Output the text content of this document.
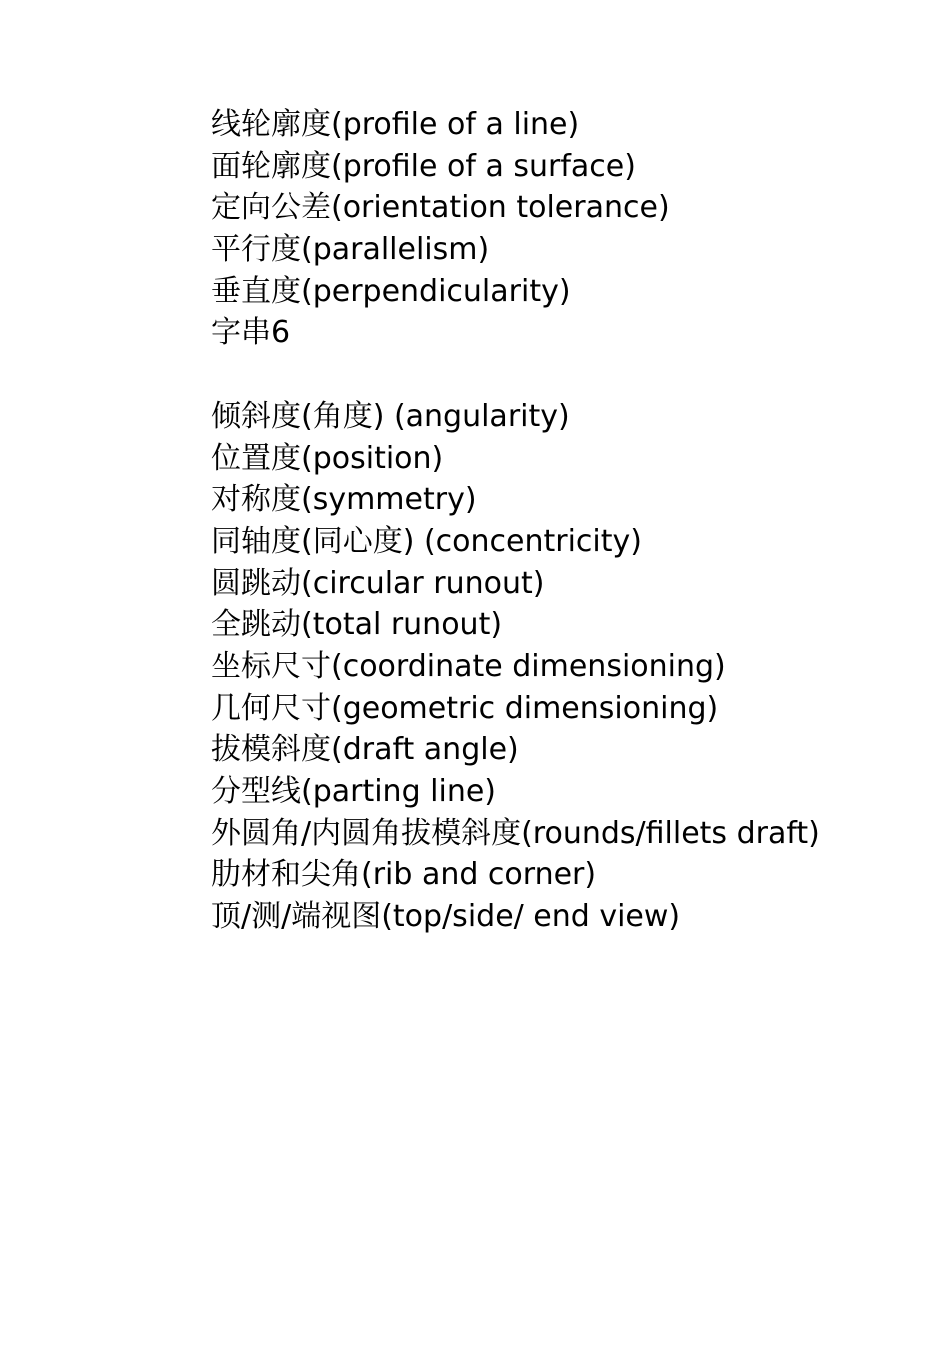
线轮廓度(profile of a line)
面轮廓度(profile of a surface)
定向公差(orientation tolerance)
平行度(parallelism)
垂直度(perpendicularity)
字串6
倾斜度(角度) (angularity)
位置度(position)
对称度(symmetry)
同轴度(同心度) (concentricity)
圆跳动(circular runout)
全跳动(total runout)
坐标尺寸(coordinate dimensioning)
几何尺寸(geometric dimensioning)
拔模斜度(draft angle)
分型线(parting line)
外圆角/内圆角拔模斜度(rounds/fillets draft)
肋材和尖角(rib and corner)
顶/测/端视图(top/side/ end view)
